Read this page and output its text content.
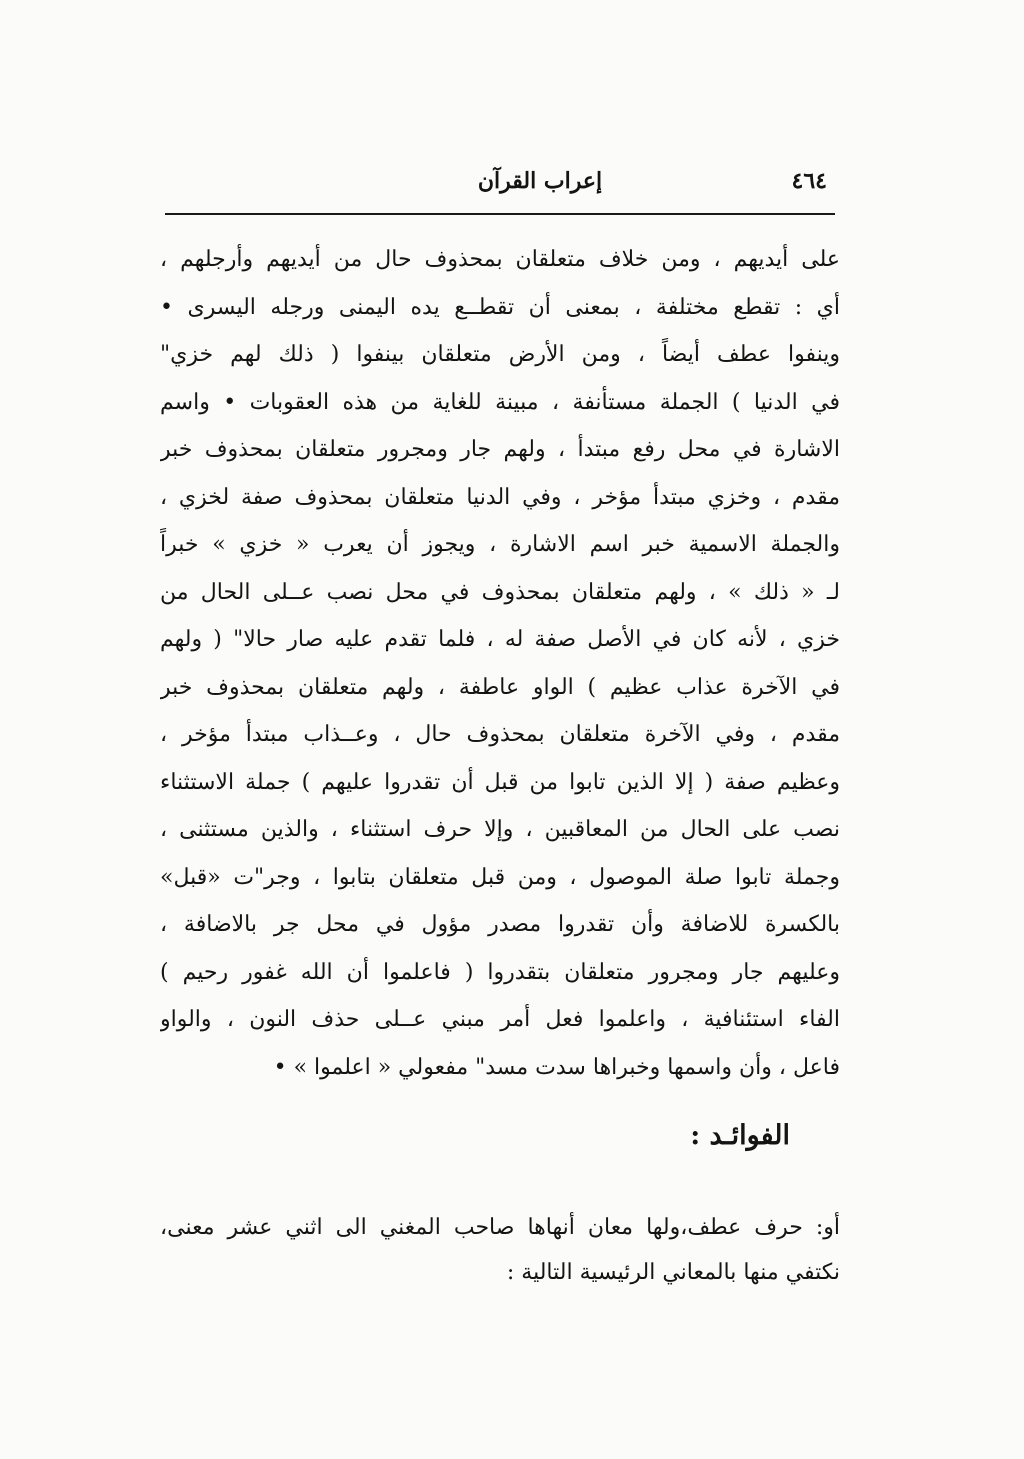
٤٦٤
إعراب القرآن
على أيديهم ، ومن خلاف متعلقان بمحذوف حال من أيديهم وأرجلهم ،
أي : تقطع مختلفة ، بمعنى أن تقطــع يده اليمنى ورجله اليسرى •
وينفوا عطف أيضاً ، ومن الأرض متعلقان بينفوا ( ذلك لهم خزي"
في الدنيا ) الجملة مستأنفة ، مبينة للغاية من هذه العقوبات • واسم
الاشارة في محل رفع مبتدأ ، ولهم جار ومجرور متعلقان بمحذوف خبر
مقدم ، وخزي مبتدأ مؤخر ، وفي الدنيا متعلقان بمحذوف صفة لخزي ،
والجملة الاسمية خبر اسم الاشارة ، ويجوز أن يعرب « خزي » خبراً
لـ « ذلك » ، ولهم متعلقان بمحذوف في محل نصب عــلى الحال من
خزي ، لأنه كان في الأصل صفة له ، فلما تقدم عليه صار حالا" ( ولهم
في الآخرة عذاب عظيم ) الواو عاطفة ، ولهم متعلقان بمحذوف خبر
مقدم ، وفي الآخرة متعلقان بمحذوف حال ، وعــذاب مبتدأ مؤخر ،
وعظيم صفة ( إلا الذين تابوا من قبل أن تقدروا عليهم ) جملة الاستثناء
نصب على الحال من المعاقبين ، وإلا حرف استثناء ، والذين مستثنى ،
وجملة تابوا صلة الموصول ، ومن قبل متعلقان بتابوا ، وجر"ت «قبل»
بالكسرة للاضافة وأن تقدروا مصدر مؤول في محل جر بالاضافة ،
وعليهم جار ومجرور متعلقان بتقدروا ( فاعلموا أن الله غفور رحيم )
الفاء استئنافية ، واعلموا فعل أمر مبني عــلى حذف النون ، والواو
فاعل ، وأن واسمها وخبراها سدت مسد" مفعولي « اعلموا » •
الفوائـد :
أو: حرف عطف،ولها معان أنهاها صاحب المغني الى اثني عشر معنى،
نكتفي منها بالمعاني الرئيسية التالية :
